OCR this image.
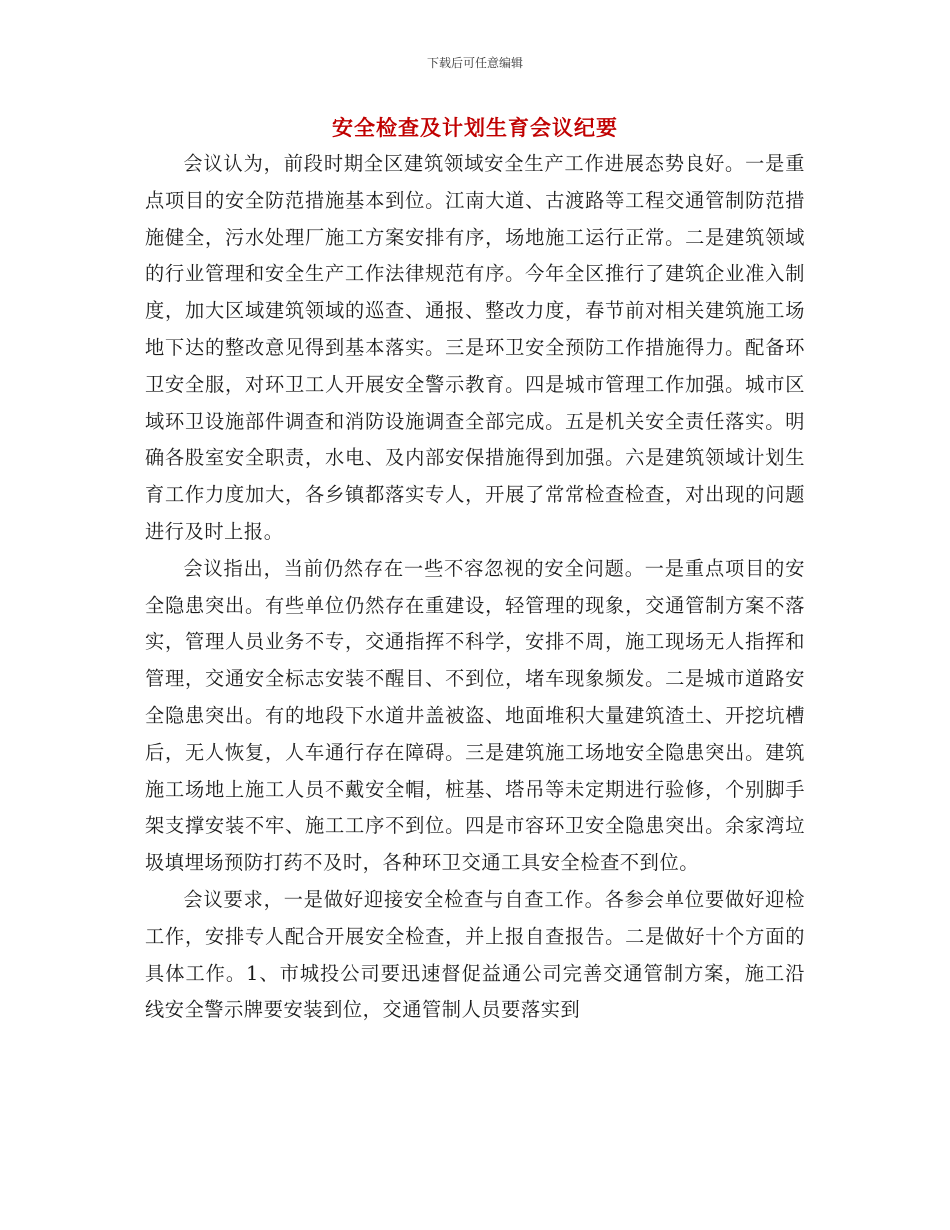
下载后可任意编辑
安全检查及计划生育会议纪要

会议认为，前段时期全区建筑领域安全生产工作进展态势良好。一是重点项目的安全防范措施基本到位。江南大道、古渡路等工程交通管制防范措施健全，污水处理厂施工方案安排有序，场地施工运行正常。二是建筑领域的行业管理和安全生产工作法律规范有序。今年全区推行了建筑企业准入制度，加大区域建筑领域的巡查、通报、整改力度，春节前对相关建筑施工场地下达的整改意见得到基本落实。三是环卫安全预防工作措施得力。配备环卫安全服，对环卫工人开展安全警示教育。四是城市管理工作加强。城市区域环卫设施部件调查和消防设施调查全部完成。五是机关安全责任落实。明确各股室安全职责，水电、及内部安保措施得到加强。六是建筑领域计划生育工作力度加大，各乡镇都落实专人，开展了常常检查检查，对出现的问题进行及时上报。

会议指出，当前仍然存在一些不容忽视的安全问题。一是重点项目的安全隐患突出。有些单位仍然存在重建设，轻管理的现象，交通管制方案不落实，管理人员业务不专，交通指挥不科学，安排不周，施工现场无人指挥和管理，交通安全标志安装不醒目、不到位，堵车现象频发。二是城市道路安全隐患突出。有的地段下水道井盖被盗、地面堆积大量建筑渣土、开挖坑槽后，无人恢复，人车通行存在障碍。三是建筑施工场地安全隐患突出。建筑施工场地上施工人员不戴安全帽，桩基、塔吊等未定期进行验修，个别脚手架支撑安装不牢、施工工序不到位。四是市容环卫安全隐患突出。余家湾垃圾填埋场预防打药不及时，各种环卫交通工具安全检查不到位。

会议要求，一是做好迎接安全检查与自查工作。各参会单位要做好迎检工作，安排专人配合开展安全检查，并上报自查报告。二是做好十个方面的具体工作。1、市城投公司要迅速督促益通公司完善交通管制方案，施工沿线安全警示牌要安装到位，交通管制人员要落实到
